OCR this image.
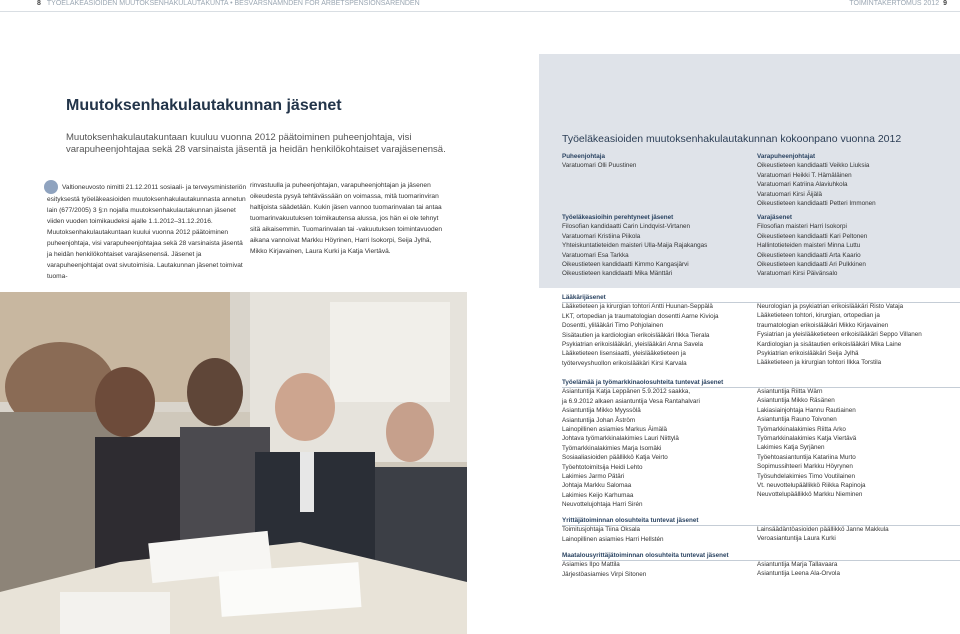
8 TYÖELÄKEASIOIDEN MUUTOKSENHAKULAUTAKUNTA • BESVÄRSNÄMNDEN FÖR ARBETSPENSIONSÄRENDEN	TOIMINTAKERTOMUS 2012 9
Muutoksenhakulautakunnan jäsenet
Muutoksenhakulautakuntaan kuuluu vuonna 2012 päätoiminen puheenjohtaja, visi varapuheenjohtajaa sekä 28 varsinaista jäsentä ja heidän henkilökohtaiset varajäsenensä.

Valtioneuvosto nimitti 21.12.2011 sosiaali- ja terveysministeriön esityksestä työeläkeasioiden muutoksenhakulautakunnasta annetun lain (677/2005) 3 §:n nojalla muutoksenhakulautakunnan jäsenet viiden vuoden toimikaudeksi ajalle 1.1.2012–31.12.2016.

Muutoksenhakulautakuntaan kuului vuonna 2012 päätoiminen puheenjohtaja, visi varapuheenjohtajaa sekä 28 varsinaista jäsentä ja heidän henkilökohtaiset varajäsenensä. Jäsenet ja varapuheenjohtajat ovat sivutoimisia. Lautakunnan jäsenet toimivat tuoma-

rinvastuulla ja puheenjohtajan, varapuheenjohtajan ja jäsenen oikeudesta pysyä tehtävässään on voimassa, mitä tuomarinviran haltijoista säädetään. Kukin jäsen vannoo tuomarinvalan tai antaa tuomarinvakuutuksen toimikautensa alussa, jos hän ei ole tehnyt sitä aikaisemmin. Tuomarinvalan tai -vakuutuksen toimintavuoden aikana vannoivat Markku Höyrinen, Harri Isokorpi, Seija Jylhä, Mikko Kirjavainen, Laura Kurki ja Katja Viertävä.

Työeläkeasioiden muutoksenhakulautakunnan kokoonpano vuonna 2012
Puheenjohtaja
Varatuomari Olli Puustinen
Varapuheenjohtajat
Oikeustieteen kandidaatti Veikko Liuksia
Varatuomari Heikki T. Hämäläinen
Varatuomari Katriina Alaviuhkola
Varatuomari Kirsi Äijälä
Oikeustieteen kandidaatti Petteri Immonen
Työeläkeasioihin perehtyneet jäsenet
Filosofian kandidaatti Carin Lindqvist-Virtanen
Varatuomari Kristiina Piikola
Yhteiskuntatieteiden maisteri Ulla-Maija Rajakangas
Varatuomari Esa Tarkka
Oikeustieteen kandidaatti Kimmo Kangasjärvi
Oikeustieteen kandidaatti Mika Mänttäri
Varajäsenet
Filosofian maisteri Harri Isokorpi
Oikeustieteen kandidaatti Kari Peltonen
Hallintotieteiden maisteri Minna Luttu
Oikeustieteen kandidaatti Arta Kaario
Oikeustieteen kandidaatti Ari Pulkkinen
Varatuomari Kirsi Päivänsalo
Lääkärijäsenet
Lääketieteen ja kirurgian tohtori Antti Huunan-Seppälä
LKT, ortopedian ja traumatologian dosentti Aarne Kivioja
Dosentti, ylilääkäri Timo Pohjolainen
Sisätautien ja kardiologian erikoislääkäri Ilkka Tierala
Psykiatrian erikoislääkäri, yleislääkäri Anna Savela
Lääketieteen lisensiaatti, yleislääketieteen ja
työterveyshuollon erikoislääkäri Kirsi Karvala
Neurologian ja psykiatrian erikoislääkäri Risto Vataja
Lääketieteen tohtori, kirurgian, ortopedian ja
traumatologian erikoislääkäri Mikko Kirjavainen
Fysiatrian ja yleislääketieteen erikoislääkäri Seppo Villanen
Kardiologian ja sisätautien erikoislääkäri Mika Laine
Psykiatrian erikoislääkäri Seija Jylhä
Lääketieteen ja kirurgian tohtori Ilkka Torstila
Työelämää ja työmarkkinaolosuhteita tuntevat jäsenet
Asiantuntija Katja Leppänen 5.9.2012 saakka,
ja 6.9.2012 alkaen asiantuntija Vesa Rantahalvari
Asiantuntija Mikko Myyssölä
Asiantuntija Johan Åström
Lainopillinen asiamies Markus Äimälä
Johtava työmarkkinalakimies Lauri Niittylä
Työmarkkinalakimies Marja Isomäki
Sosiaaliasioiden päällikkö Katja Veirto
Työehtotoimitsija Heidi Lehto
Lakimies Jarmo Pätäri
Johtaja Markku Salomaa
Lakimies Keijo Karhumaa
Neuvottelujohtaja Harri Sirén
Asiantuntija Riitta Wärn
Asiantuntija Mikko Räsänen
Lakiasiainjohtaja Hannu Rautiainen
Asiantuntija Rauno Toivonen
Työmarkkinalakimies Riitta Arko
Työmarkkinalakimies Katja Viertävä
Lakimies Katja Syrjänen
Työehtoasiantuntija Katariina Murto
Sopimussihteeri Markku Höyrynen
Työsuhdelakimies Timo Voutilainen
Vt. neuvottelupäällikkö Riikka Rapinoja
Neuvottelupäällikkö Markku Nieminen
Yrittäjätoiminnan olosuhteita tuntevat jäsenet
Toimitusjohtaja Tiina Oksala
Lainopillinen asiamies Harri Hellstén
Lainsäädäntöasioiden päällikkö Janne Makkula
Veroasiantuntija Laura Kurki
Maatalousyrittäjätoiminnan olosuhteita tuntevat jäsenet
Asiamies Ilpo Mattila
Järjestöasiamies Virpi Sitonen
Asiantuntija Marja Tallavaara
Asiantuntija Leena Ala-Orvola
